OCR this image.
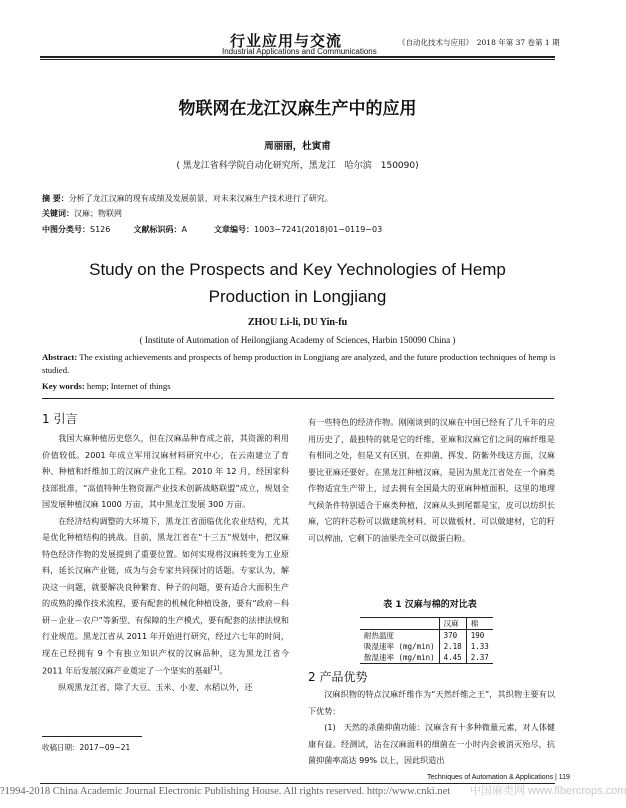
行业应用与交流
Industrial Applications and Communications
《自动化技术与应用》　2018 年第 37 卷第 1 期
物联网在龙江汉麻生产中的应用
周丽丽，杜寅甫
( 黑龙江省科学院自动化研究所，黑龙江　哈尔滨　150090)
摘 要：分析了龙江汉麻的现有成绩及发展前景，对未来汉麻生产技术进行了研究。
关键词：汉麻；物联网
中图分类号：S126	文献标识码：A	文章编号：1003−7241(2018)01−0119−03
Study on the Prospects and Key Yechnologies of Hemp
Production in Longjiang
ZHOU Li-li, DU Yin-fu
( Institute of Automation of Heilongjiang Academy of Sciences, Harbin 150090 China )
Abstract: The existing achievements and prospects of hemp production in Longjiang are analyzed, and the future production techniques of hemp is studied.
Key words: hemp; Internet of things
1 引言

我国大麻种植历史悠久，但在汉麻品种育成之前，其资源的利用价值较低。2001 年成立军用汉麻材料研究中心，在云南建立了育种、种植和纤维加工的汉麻产业化工程。2010 年 12 月，经国家科技部批准，“高值特种生物资源产业技术创新战略联盟”成立，规划全国发展种植汉麻 1000 万亩，其中黑龙江发展 300 万亩。

在经济结构调整的大环境下，黑龙江省面临优化农业结构，尤其是优化种植结构的挑战。目前，黑龙江省在“十三五”规划中，把汉麻特色经济作物的发展提到了重要位置。如何实现将汉麻转变为工业原料，延长汉麻产业链，成为与会专家共同探讨的话题。专家认为，解决这一问题，就要解决良种繁育、种子的问题，要有适合大面积生产的成熟的操作技术流程，要有配套的机械化种植设备，要有“政府－科研－企业－农户”等新型、有保障的生产模式，要有配套的法律法规和行业规范。黑龙江省从 2011 年开始进行研究，经过六七年的时间，现在已经拥有 9 个有独立知识产权的汉麻品种，这为黑龙江省今 2011 年后发展汉麻产业奠定了一个坚实的基础[1]。

纵观黑龙江省，除了大豆、玉米、小麦、水稻以外，还

收稿日期：2017−09−21

有一些特色的经济作物。刚刚谈到的汉麻在中国已经有了几千年的应用历史了，最独特的就是它的纤维，亚麻和汉麻它们之间的麻纤维是有相同之处，但是又有区别，在抑菌、挥发、防紫外线这方面，汉麻要比亚麻还要好。在黑龙江种植汉麻，是因为黑龙江省处在一个麻类作物适宜生产带上，过去拥有全国最大的亚麻种植面积，这里的地理气候条件特别适合于麻类种植，汉麻从头到尾都是宝，皮可以纺织长麻，它的秆芯粉可以做建筑材料、可以做板材、可以做建材，它的籽可以榨油，它剩下的油果壳全可以做蛋白粉。

表 1 汉麻与棉的对比表
	汉麻	棉
耐热温度	370	190
吸湿速率 (mg/min)	2.18	1.33
散湿速率 (mg/min)	4.45	2.37
2 产品优势

汉麻织物的特点汉麻纤维作为“天然纤维之王”，其织物主要有以下优势：

(1)　天然的杀菌抑菌功能：汉麻含有十多种微量元素，对人体健康有益。经测试，沾在汉麻面料的细菌在一小时内会被消灭殆尽，抗菌抑菌率高达 99% 以上，因此织造出

Techniques of Automation & Applications | 119
?1994-2018 China Academic Journal Electronic Publishing House. All rights reserved. http://www.cnki.net 中国麻类网 www.fibercrops.com
